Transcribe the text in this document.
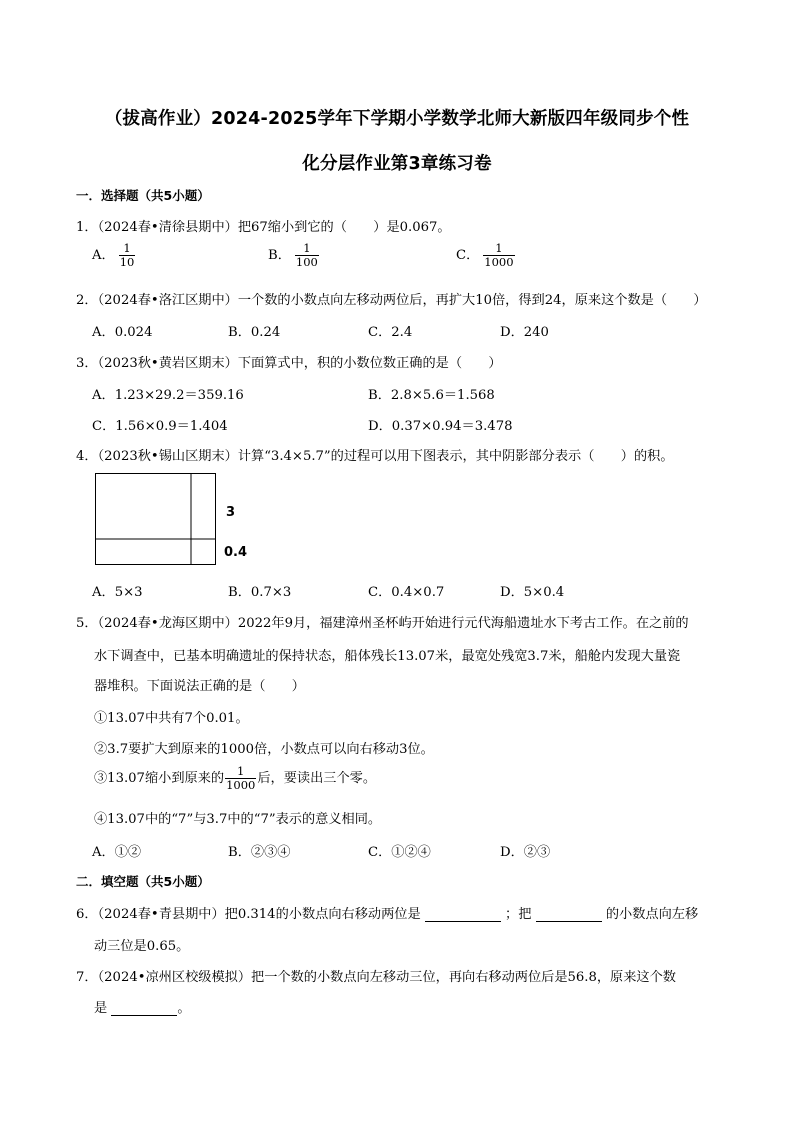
（拔高作业）2024-2025学年下学期小学数学北师大新版四年级同步个性
化分层作业第3章练习卷
一．选择题（共5小题）
1．（2024春•清徐县期中）把67缩小到它的（　　）是0.067。
A． $\frac{1}{10}$	B． $\frac{1}{100}$	C． $\frac{1}{1000}$
2．（2024春•洛江区期中）一个数的小数点向左移动两位后，再扩大10倍，得到24，原来这个数是（　　）
A．0.024	B．0.24	C．2.4	D．240
3．（2023秋•黄岩区期末）下面算式中，积的小数位数正确的是（　　）
A．1.23×29.2＝359.16	B．2.8×5.6＝1.568
C．1.56×0.9＝1.404	D．0.37×0.94＝3.478
4．（2023秋•锡山区期末）计算“3.4×5.7”的过程可以用下图表示，其中阴影部分表示（　　）的积。
3
0.4
A．5×3	B．0.7×3	C．0.4×0.7	D．5×0.4
5．（2024春•龙海区期中）2022年9月，福建漳州圣杯屿开始进行元代海船遗址水下考古工作。在之前的
水下调查中，已基本明确遗址的保持状态，船体残长13.07米，最宽处残宽3.7米，船舱内发现大量瓷
器堆积。下面说法正确的是（　　）
①13.07中共有7个0.01。
②3.7要扩大到原来的1000倍，小数点可以向右移动3位。
③13.07缩小到原来的 $\frac{1}{1000}$ 后，要读出三个零。
④13.07中的“7”与3.7中的“7”表示的意义相同。
A．①②	B．②③④	C．①②④	D．②③
二．填空题（共5小题）
6．（2024春•青县期中）把0.314的小数点向右移动两位是	；把	的小数点向左移
动三位是0.65。
7．（2024•凉州区校级模拟）把一个数的小数点向左移动三位，再向右移动两位后是56.8，原来这个数
是	。
